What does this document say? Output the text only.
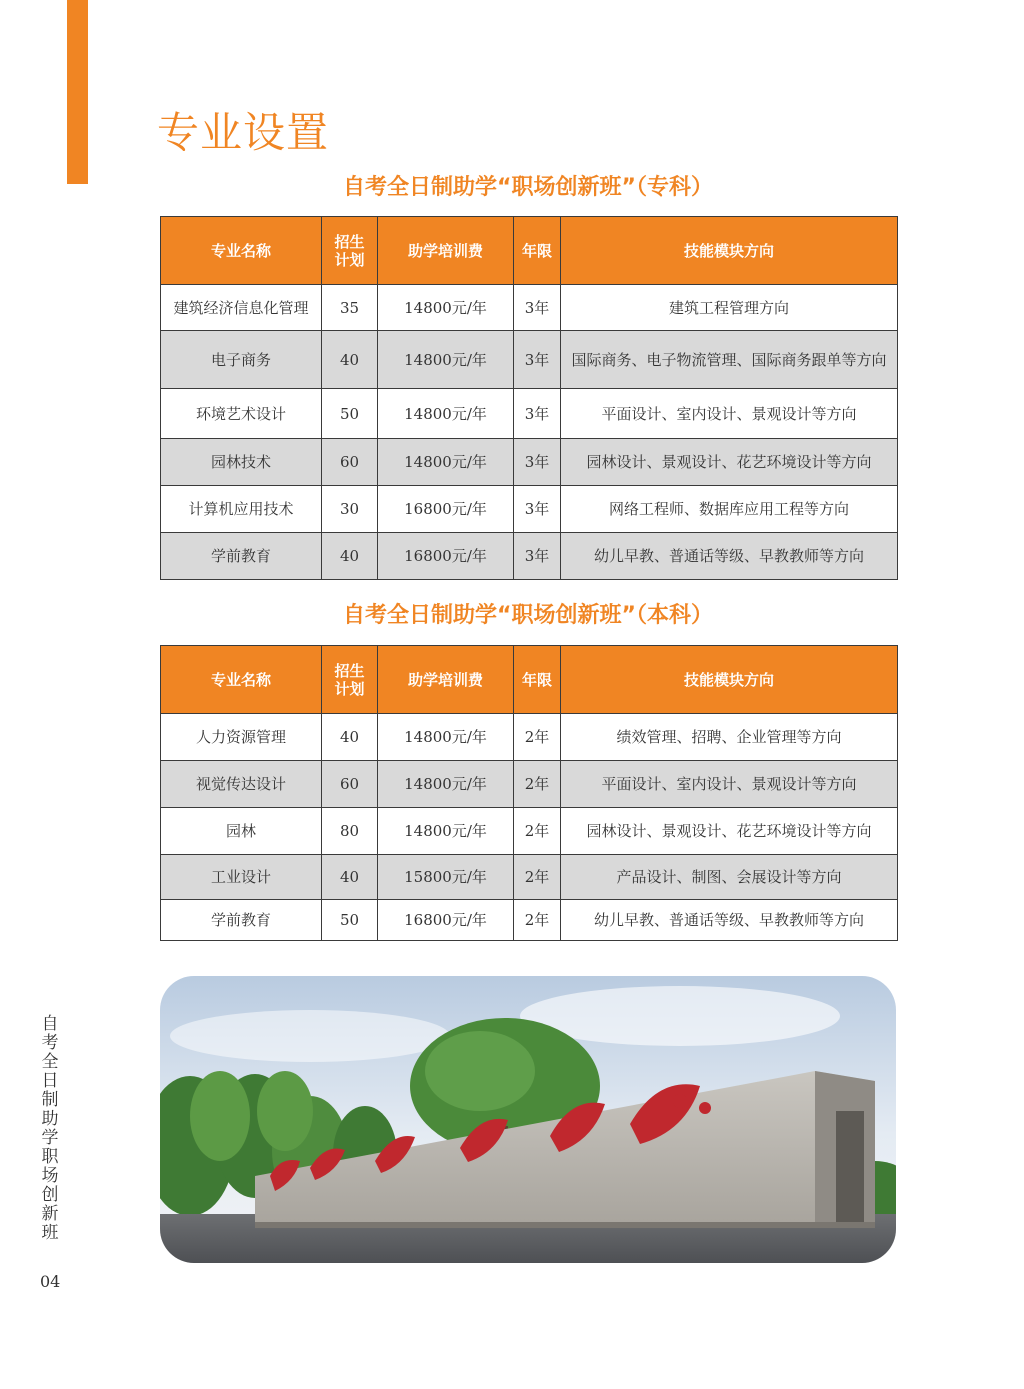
专业设置
自考全日制助学“职场创新班”（专科）
专业名称	招生计划	助学培训费	年限	技能模块方向
建筑经济信息化管理	35	14800元/年	3年	建筑工程管理方向
电子商务	40	14800元/年	3年	国际商务、电子物流管理、国际商务跟单等方向
环境艺术设计	50	14800元/年	3年	平面设计、室内设计、景观设计等方向
园林技术	60	14800元/年	3年	园林设计、景观设计、花艺环境设计等方向
计算机应用技术	30	16800元/年	3年	网络工程师、数据库应用工程等方向
学前教育	40	16800元/年	3年	幼儿早教、普通话等级、早教教师等方向
自考全日制助学“职场创新班”（本科）
专业名称	招生计划	助学培训费	年限	技能模块方向
人力资源管理	40	14800元/年	2年	绩效管理、招聘、企业管理等方向
视觉传达设计	60	14800元/年	2年	平面设计、室内设计、景观设计等方向
园林	80	14800元/年	2年	园林设计、景观设计、花艺环境设计等方向
工业设计	40	15800元/年	2年	产品设计、制图、会展设计等方向
学前教育	50	16800元/年	2年	幼儿早教、普通话等级、早教教师等方向
自考全日制助学职场创新班
04
